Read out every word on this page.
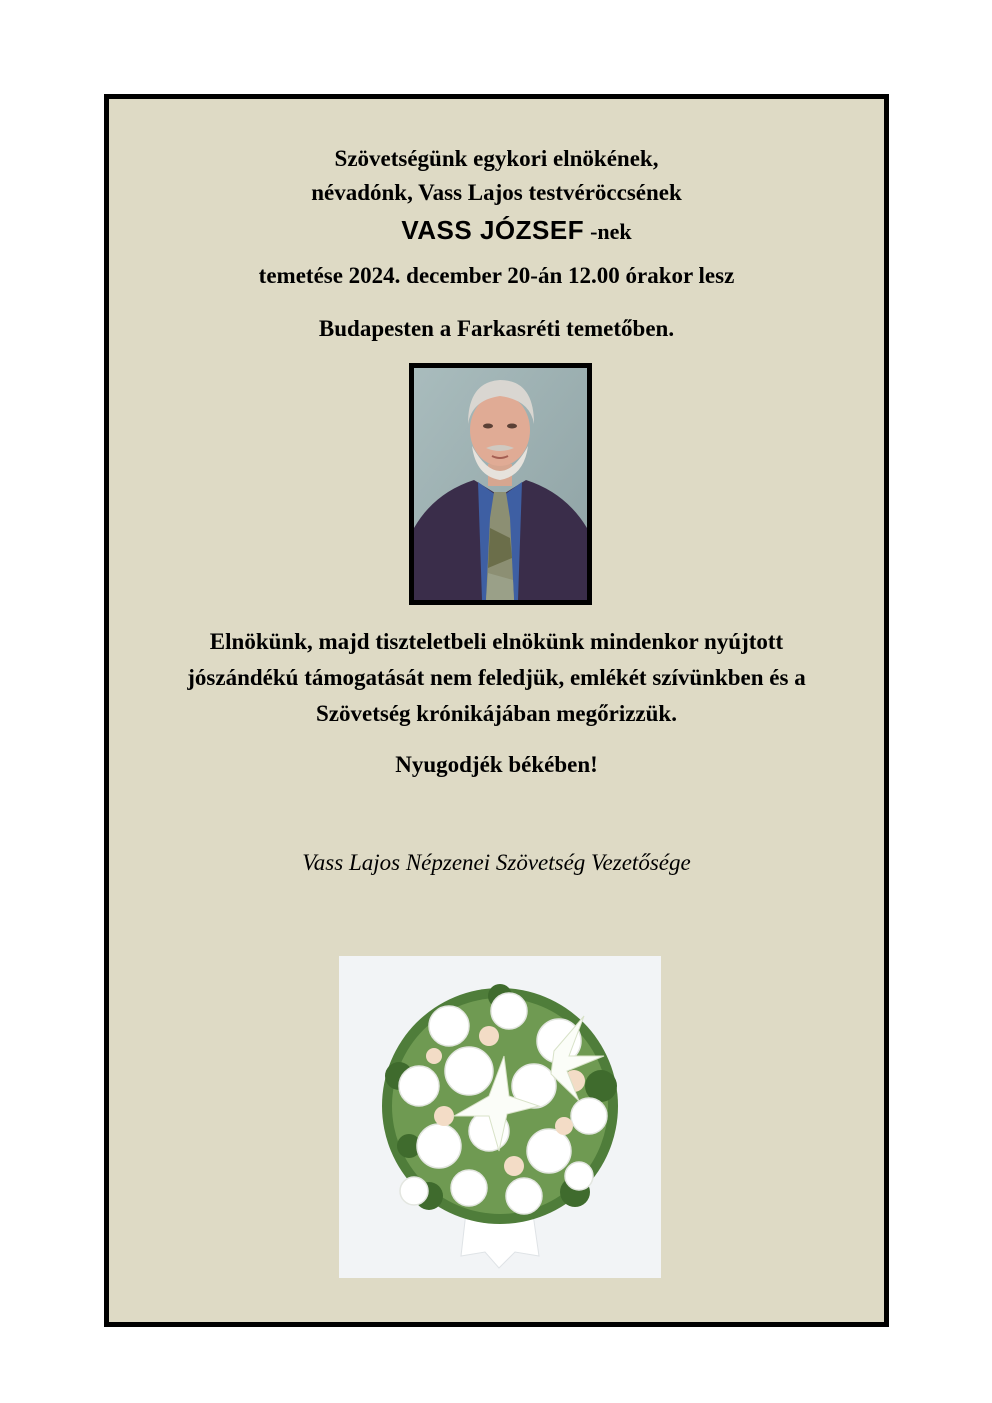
Szövetségünk egykori elnökének,
névadónk, Vass Lajos testvéröccsének
VASS JÓZSEF -nek
temetése 2024. december 20-án 12.00 órakor lesz
Budapesten a Farkasréti temetőben.
Elnökünk, majd tiszteletbeli elnökünk mindenkor nyújtott
jószándékú támogatását nem feledjük, emlékét szívünkben és a
Szövetség krónikájában megőrizzük.
Nyugodjék békében!
Vass Lajos Népzenei Szövetség Vezetősége
